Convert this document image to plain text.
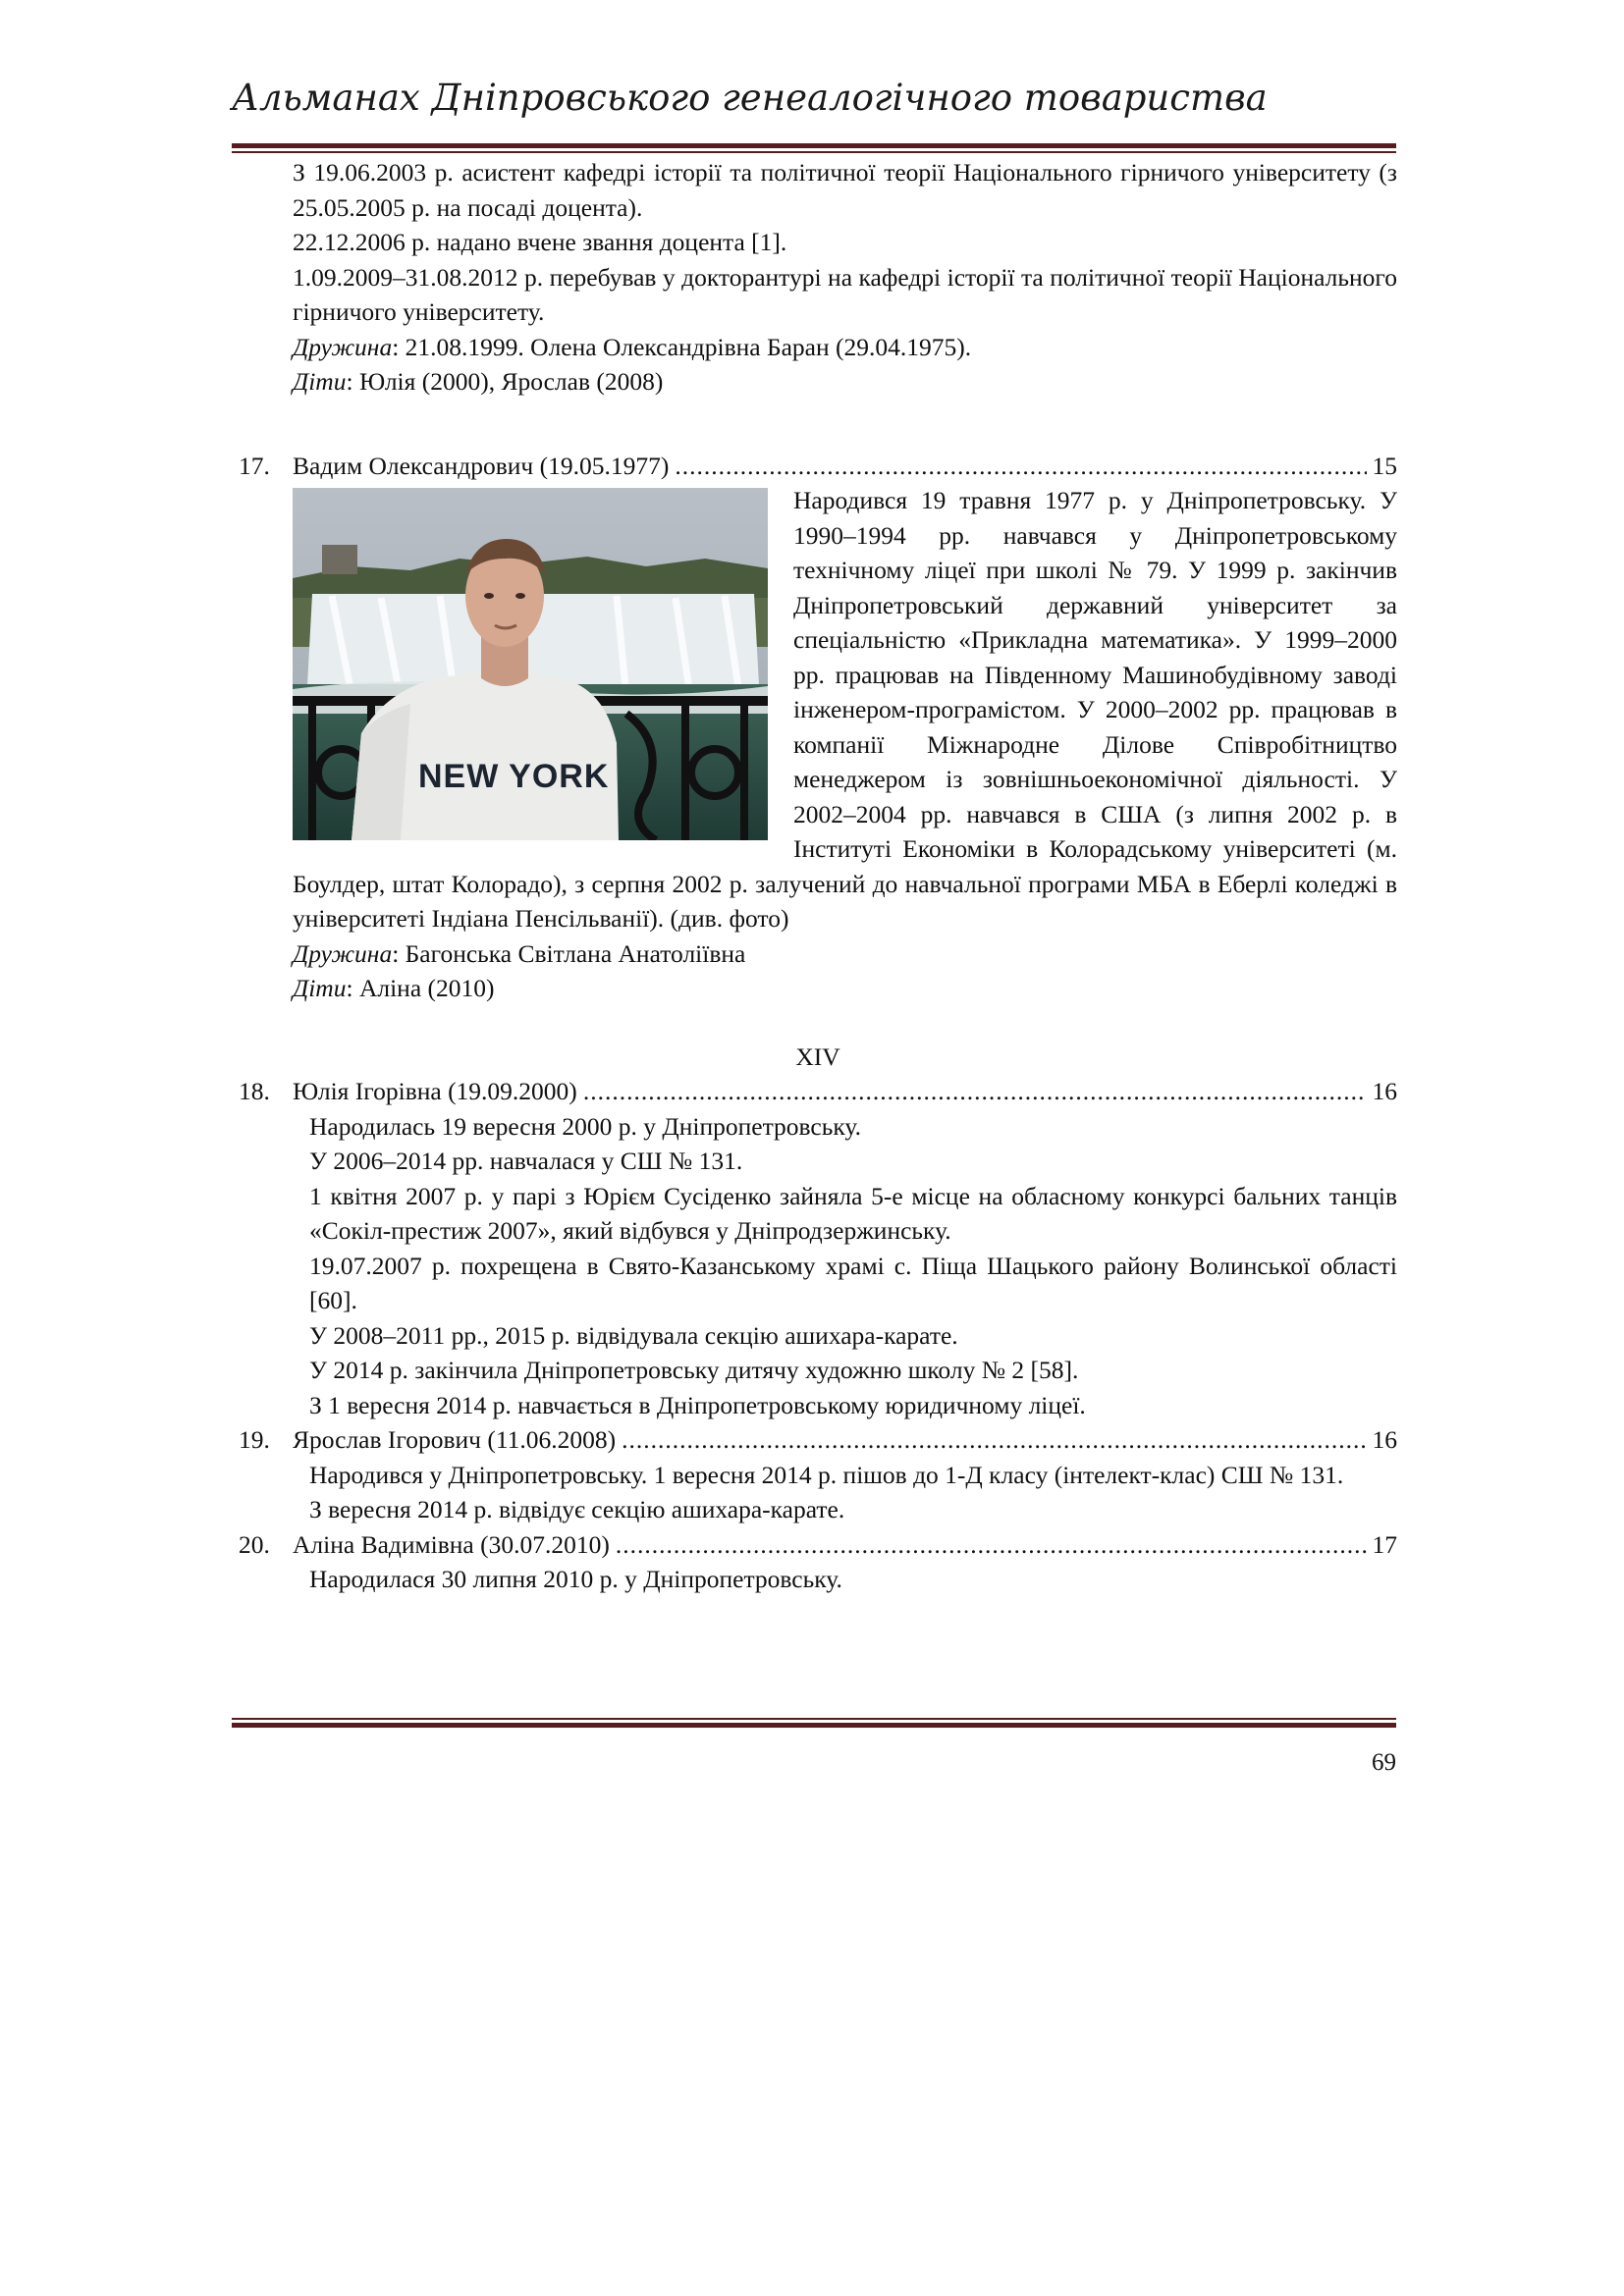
Альманах Дніпровського генеалогічного товариства

З 19.06.2003 р. асистент кафедрі історії та політичної теорії Національного гірничого університету (з 25.05.2005 р. на посаді доцента).

22.12.2006 р. надано вчене звання доцента [1].

1.09.2009–31.08.2012 р. перебував у докторантурі на кафедрі історії та політичної теорії Національного гірничого університету.

Дружина: 21.08.1999. Олена Олександрівна Баран (29.04.1975).

Діти: Юлія (2000), Ярослав (2008)

17. Вадим Олександрович (19.05.1977) .....	15
NEW YORK

Народився 19 травня 1977 р. у Дніпропетровську. У 1990–1994 рр. навчався у Дніпропетровському технічному ліцеї при школі № 79. У 1999 р. закінчив Дніпропетровський державний університет за спеціальністю «Прикладна математика». У 1999–2000 рр. працював на Південному Машинобудівному заводі інженером-програмістом. У 2000–2002 рр. працював в компанії Міжнародне Ділове Співробітництво менеджером із зовнішньоекономічної діяльності. У 2002–2004 рр. навчався в США (з липня 2002 р. в Інституті Економіки в Колорадському університеті (м. Боулдер, штат Колорадо), з серпня 2002 р. залучений до навчальної програми МБА в Еберлі коледжі в університеті Індіана Пенсільванії). (див. фото)

Дружина: Багонська Світлана Анатоліївна

Діти: Аліна (2010)

XIV

18. Юлія Ігорівна (19.09.2000) .....	16

Народилась 19 вересня 2000 р. у Дніпропетровську.

У 2006–2014 рр. навчалася у СШ № 131.

1 квітня 2007 р. у парі з Юрієм Сусіденко зайняла 5-е місце на обласному конкурсі бальних танців «Сокіл-престиж 2007», який відбувся у Дніпродзержинську.

19.07.2007 р. похрещена в Свято-Казанському храмі с. Піща Шацького району Волинської області [60].

У 2008–2011 рр., 2015 р. відвідувала секцію ашихара-карате.

У 2014 р. закінчила Дніпропетровську дитячу художню школу № 2 [58].

З 1 вересня 2014 р. навчається в Дніпропетровському юридичному ліцеї.

19. Ярослав Ігорович (11.06.2008) .....	16

Народився у Дніпропетровську. 1 вересня 2014 р. пішов до 1-Д класу (інтелект-клас) СШ № 131.

З вересня 2014 р. відвідує секцію ашихара-карате.

20. Аліна Вадимівна (30.07.2010) .....	17

Народилася 30 липня 2010 р. у Дніпропетровську.

69
